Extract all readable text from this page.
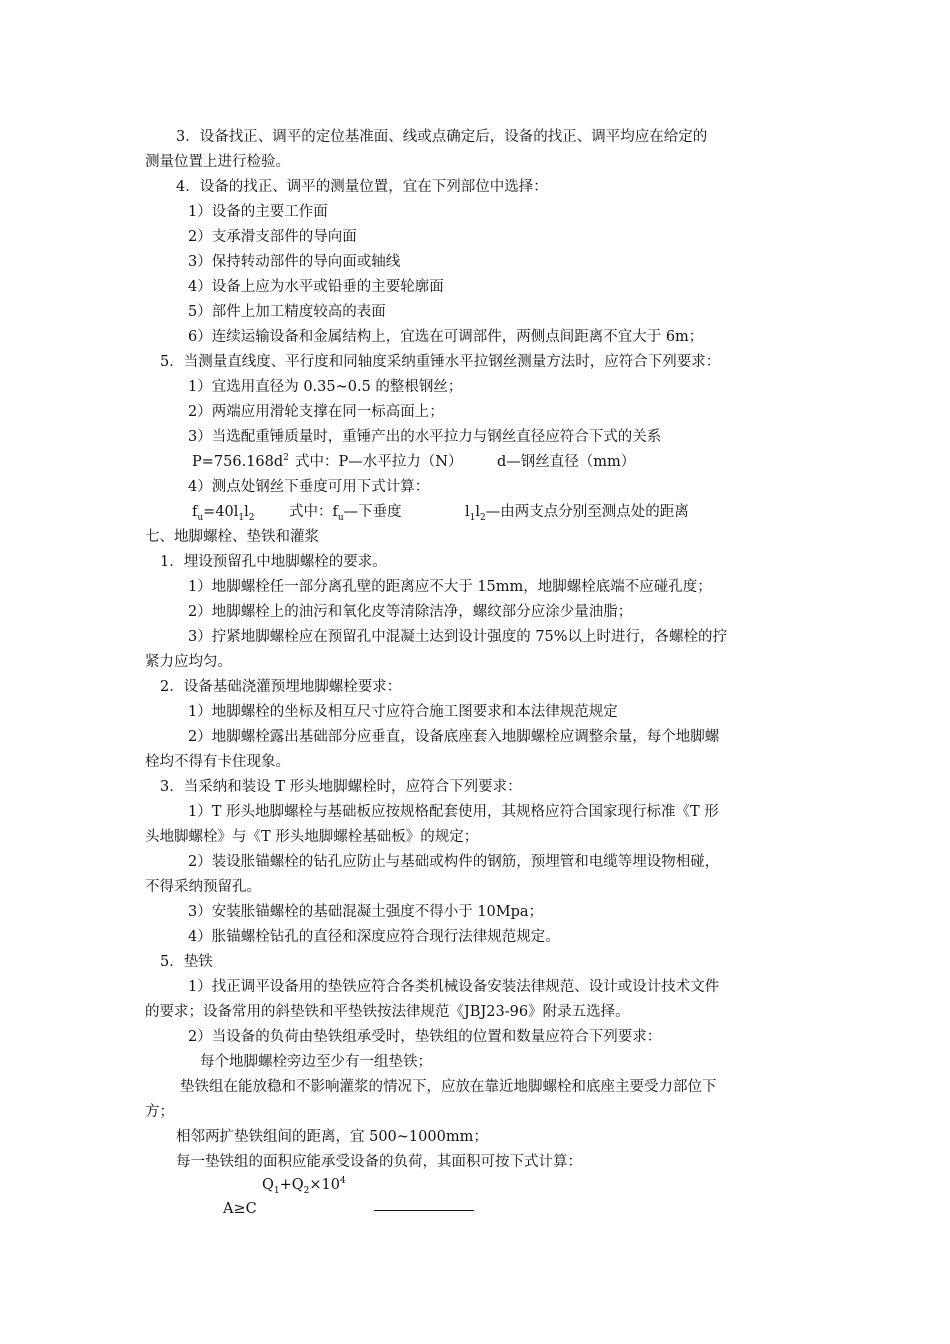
3．设备找正、调平的定位基准面、线或点确定后，设备的找正、调平均应在给定的
测量位置上进行检验。
4．设备的找正、调平的测量位置，宜在下列部位中选择：
1）设备的主要工作面
2）支承滑支部件的导向面
3）保持转动部件的导向面或轴线
4）设备上应为水平或铅垂的主要轮廓面
5）部件上加工精度较高的表面
6）连续运输设备和金属结构上，宜选在可调部件，两侧点间距离不宜大于 6m；
5．当测量直线度、平行度和同轴度采纳重锤水平拉钢丝测量方法时，应符合下列要求：
1）宜选用直径为 0.35~0.5 的整根钢丝；
2）两端应用滑轮支撑在同一标高面上；
3）当选配重锤质量时，重锤产出的水平拉力与钢丝直径应符合下式的关系
$P=756.168d^2$ 式中：P—水平拉力（N） d—钢丝直径（mm）
4）测点处钢丝下垂度可用下式计算：
$f_u=40l_1l_2$ 式中：$f_u—$下垂度	$l_1l_2—$由两支点分别至测点处的距离
七、地脚螺栓、垫铁和灌浆
1．埋设预留孔中地脚螺栓的要求。
1）地脚螺栓任一部分离孔壁的距离应不大于 15mm，地脚螺栓底端不应碰孔度；
2）地脚螺栓上的油污和氧化皮等清除洁净，螺纹部分应涂少量油脂；
3）拧紧地脚螺栓应在预留孔中混凝土达到设计强度的 75%以上时进行，各螺栓的拧
紧力应均匀。
2．设备基础浇灌预埋地脚螺栓要求：
1）地脚螺栓的坐标及相互尺寸应符合施工图要求和本法律规范规定
2）地脚螺栓露出基础部分应垂直，设备底座套入地脚螺栓应调整余量，每个地脚螺
栓均不得有卡住现象。
3．当采纳和装设 T 形头地脚螺栓时，应符合下列要求：
1）T 形头地脚螺栓与基础板应按规格配套使用，其规格应符合国家现行标准《T 形
头地脚螺栓》与《T 形头地脚螺栓基础板》的规定；
2）装设胀锚螺栓的钻孔应防止与基础或构件的钢筋，预埋管和电缆等埋设物相碰，
不得采纳预留孔。
3）安装胀锚螺栓的基础混凝土强度不得小于 10Mpa；
4）胀锚螺栓钻孔的直径和深度应符合现行法律规范规定。
5．垫铁
1）找正调平设备用的垫铁应符合各类机械设备安装法律规范、设计或设计技术文件
的要求；设备常用的斜垫铁和平垫铁按法律规范《JBJ23-96》附录五选择。
2）当设备的负荷由垫铁组承受时，垫铁组的位置和数量应符合下列要求：
每个地脚螺栓旁边至少有一组垫铁；
垫铁组在能放稳和不影响灌浆的情况下，应放在靠近地脚螺栓和底座主要受力部位下
方；
相邻两扩垫铁组间的距离，宜 500~1000mm；
每一垫铁组的面积应能承受设备的负荷，其面积可按下式计算：
$Q_1+Q_2\times 10^4$
A≥C
